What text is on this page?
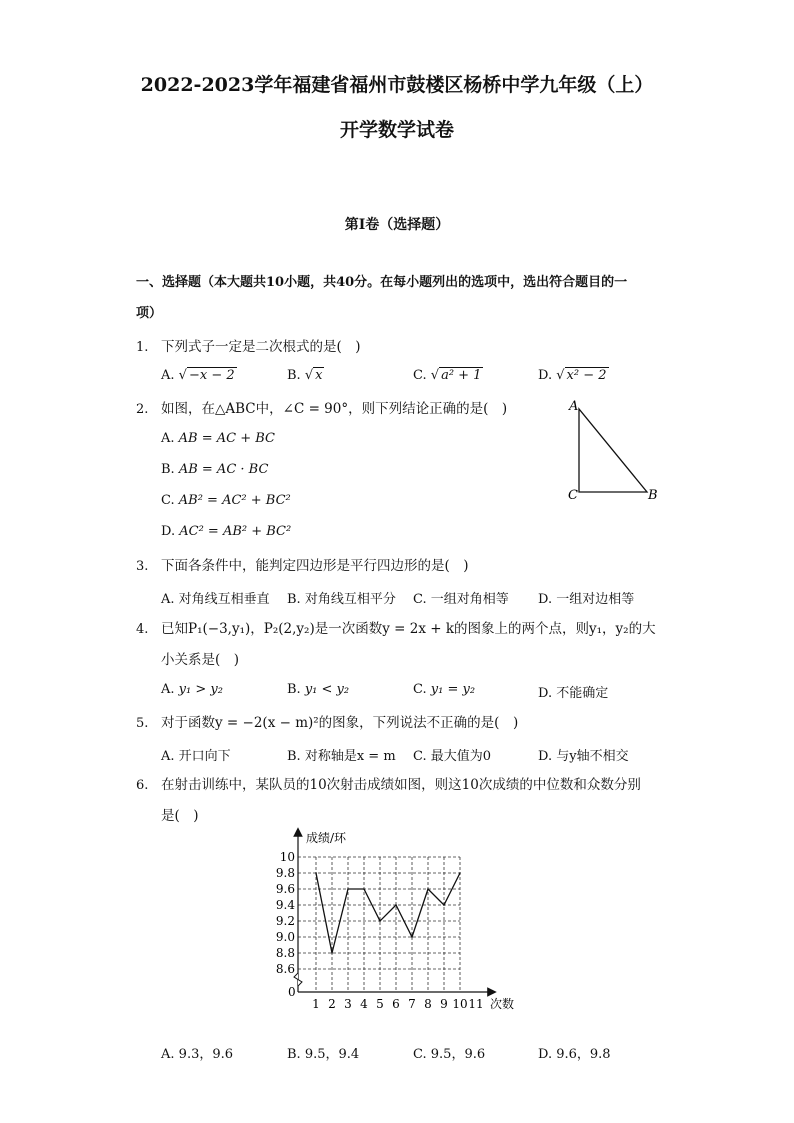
2022-2023学年福建省福州市鼓楼区杨桥中学九年级（上）
开学数学试卷
第I卷（选择题）
一、选择题（本大题共10小题，共40分。在每小题列出的选项中，选出符合题目的一
项）
1. 下列式子一定是二次根式的是(　)
A. √ −x − 2	B. √ x	C. √ a² + 1	D. √ x² − 2
2. 如图，在△ABC中，∠C = 90°，则下列结论正确的是(　)
A. AB = AC + BC
B. AB = AC · BC
C. AB² = AC² + BC²
D. AC² = AB² + BC²
A
C	B
3. 下面各条件中，能判定四边形是平行四边形的是(　)
A. 对角线互相垂直 B. 对角线互相平分 C. 一组对角相等 D. 一组对边相等
4. 已知P₁(−3,y₁)，P₂(2,y₂)是一次函数y = 2x + k的图象上的两个点，则y₁，y₂的大
小关系是(　)
A. y₁ > y₂	B. y₁ < y₂	C. y₁ = y₂	D. 不能确定
5. 对于函数y = −2(x − m)²的图象，下列说法不正确的是(　)
A. 开口向下	B. 对称轴是x = m C. 最大值为0	D. 与y轴不相交
6. 在射击训练中，某队员的10次射击成绩如图，则这10次成绩的中位数和众数分别
是(　)
成绩/环
次数
0
8.6
8.8
9.0
9.2
9.4
9.6
9.8
10
1 2 3 4 5 6 7 8 9 10 11
A. 9.3，9.6	B. 9.5，9.4	C. 9.5，9.6	D. 9.6，9.8
